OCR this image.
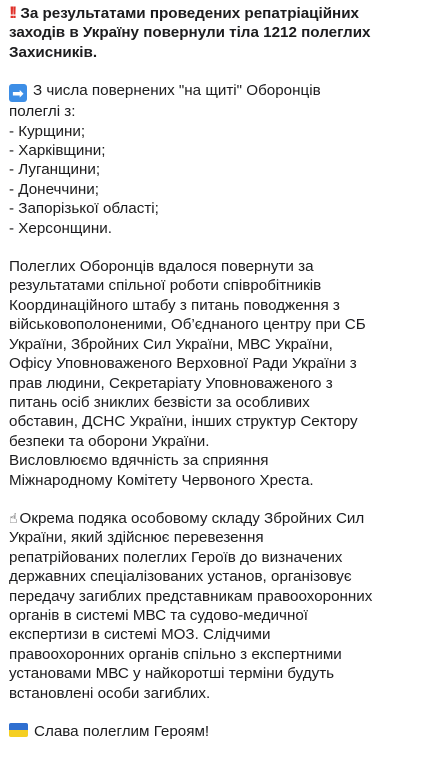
!! За результатами проведених репатріаційних
заходів в Україну повернули тіла 1212 полеглих
Захисників.
➡ З числа повернених "на щиті" Оборонців
полеглі з:
- Курщини;
- Харківщини;
- Луганщини;
- Донеччини;
- Запорізької області;
- Херсонщини.
Полеглих Оборонців вдалося повернути за
результатами спільної роботи співробітників
Координаційного штабу з питань поводження з
військовополоненими, Об’єднаного центру при СБ
України, Збройних Сил України, МВС України,
Офісу Уповноваженого Верховної Ради України з
прав людини, Секретаріату Уповноваженого з
питань осіб зниклих безвісти за особливих
обставин, ДСНС України, інших структур Сектору
безпеки та оборони України.
Висловлюємо вдячність за сприяння
Міжнародному Комітету Червоного Хреста.
☝ Окрема подяка особовому складу Збройних Сил
України, який здійснює перевезення
репатрійованих полеглих Героїв до визначених
державних спеціалізованих установ, організовує
передачу загиблих представникам правоохоронних
органів в системі МВС та судово-медичної
експертизи в системі МОЗ. Слідчими
правоохоронних органів спільно з експертними
установами МВС у найкоротші терміни будуть
встановлені особи загиблих.
Слава полеглим Героям!
